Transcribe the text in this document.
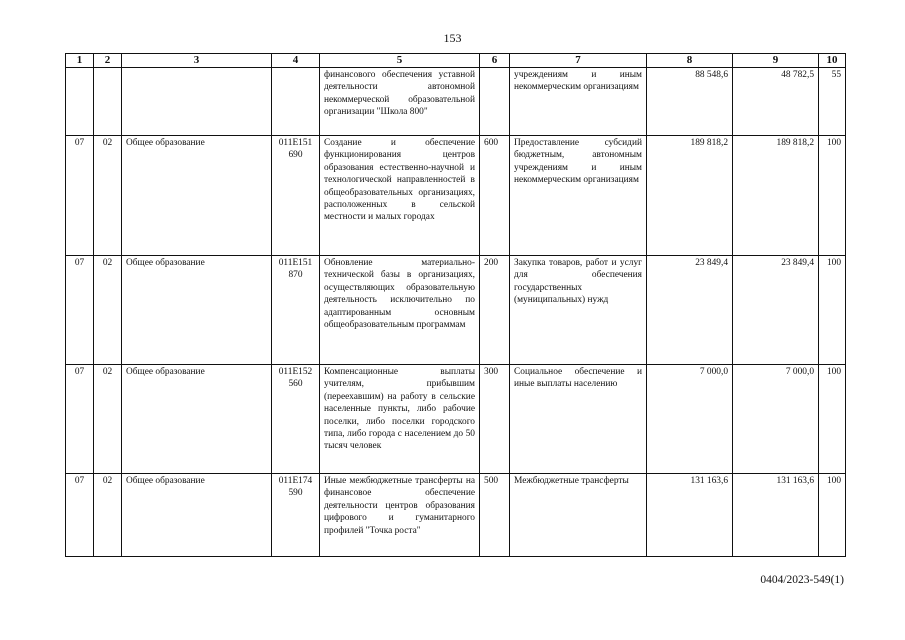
153
1	2	3	4	5	6	7	8	9	10
				финансового обеспечения уставной деятельности автономной некоммерческой образовательной организации "Школа 800"		учреждениям и иным некоммерческим организациям	88 548,6	48 782,5	55
07	02	Общее образование	011Е151 690	Создание и обеспечение функционирования центров образования естественно-научной и технологической направленностей в общеобразовательных организациях, расположенных в сельской местности и малых городах	600	Предоставление субсидий бюджетным, автономным учреждениям и иным некоммерческим организациям	189 818,2	189 818,2	100
07	02	Общее образование	011Е151 870	Обновление материально-технической базы в организациях, осуществляющих образовательную деятельность исключительно по адаптированным основным общеобразовательным программам	200	Закупка товаров, работ и услуг для обеспечения государственных (муниципальных) нужд	23 849,4	23 849,4	100
07	02	Общее образование	011Е152 560	Компенсационные выплаты учителям, прибывшим (переехавшим) на работу в сельские населенные пункты, либо рабочие поселки, либо поселки городского типа, либо города с населением до 50 тысяч человек	300	Социальное обеспечение и иные выплаты населению	7 000,0	7 000,0	100
07	02	Общее образование	011Е174 590	Иные межбюджетные трансферты на финансовое обеспечение деятельности центров образования цифрового и гуманитарного профилей "Точка роста"	500	Межбюджетные трансферты	131 163,6	131 163,6	100
0404/2023-549(1)
